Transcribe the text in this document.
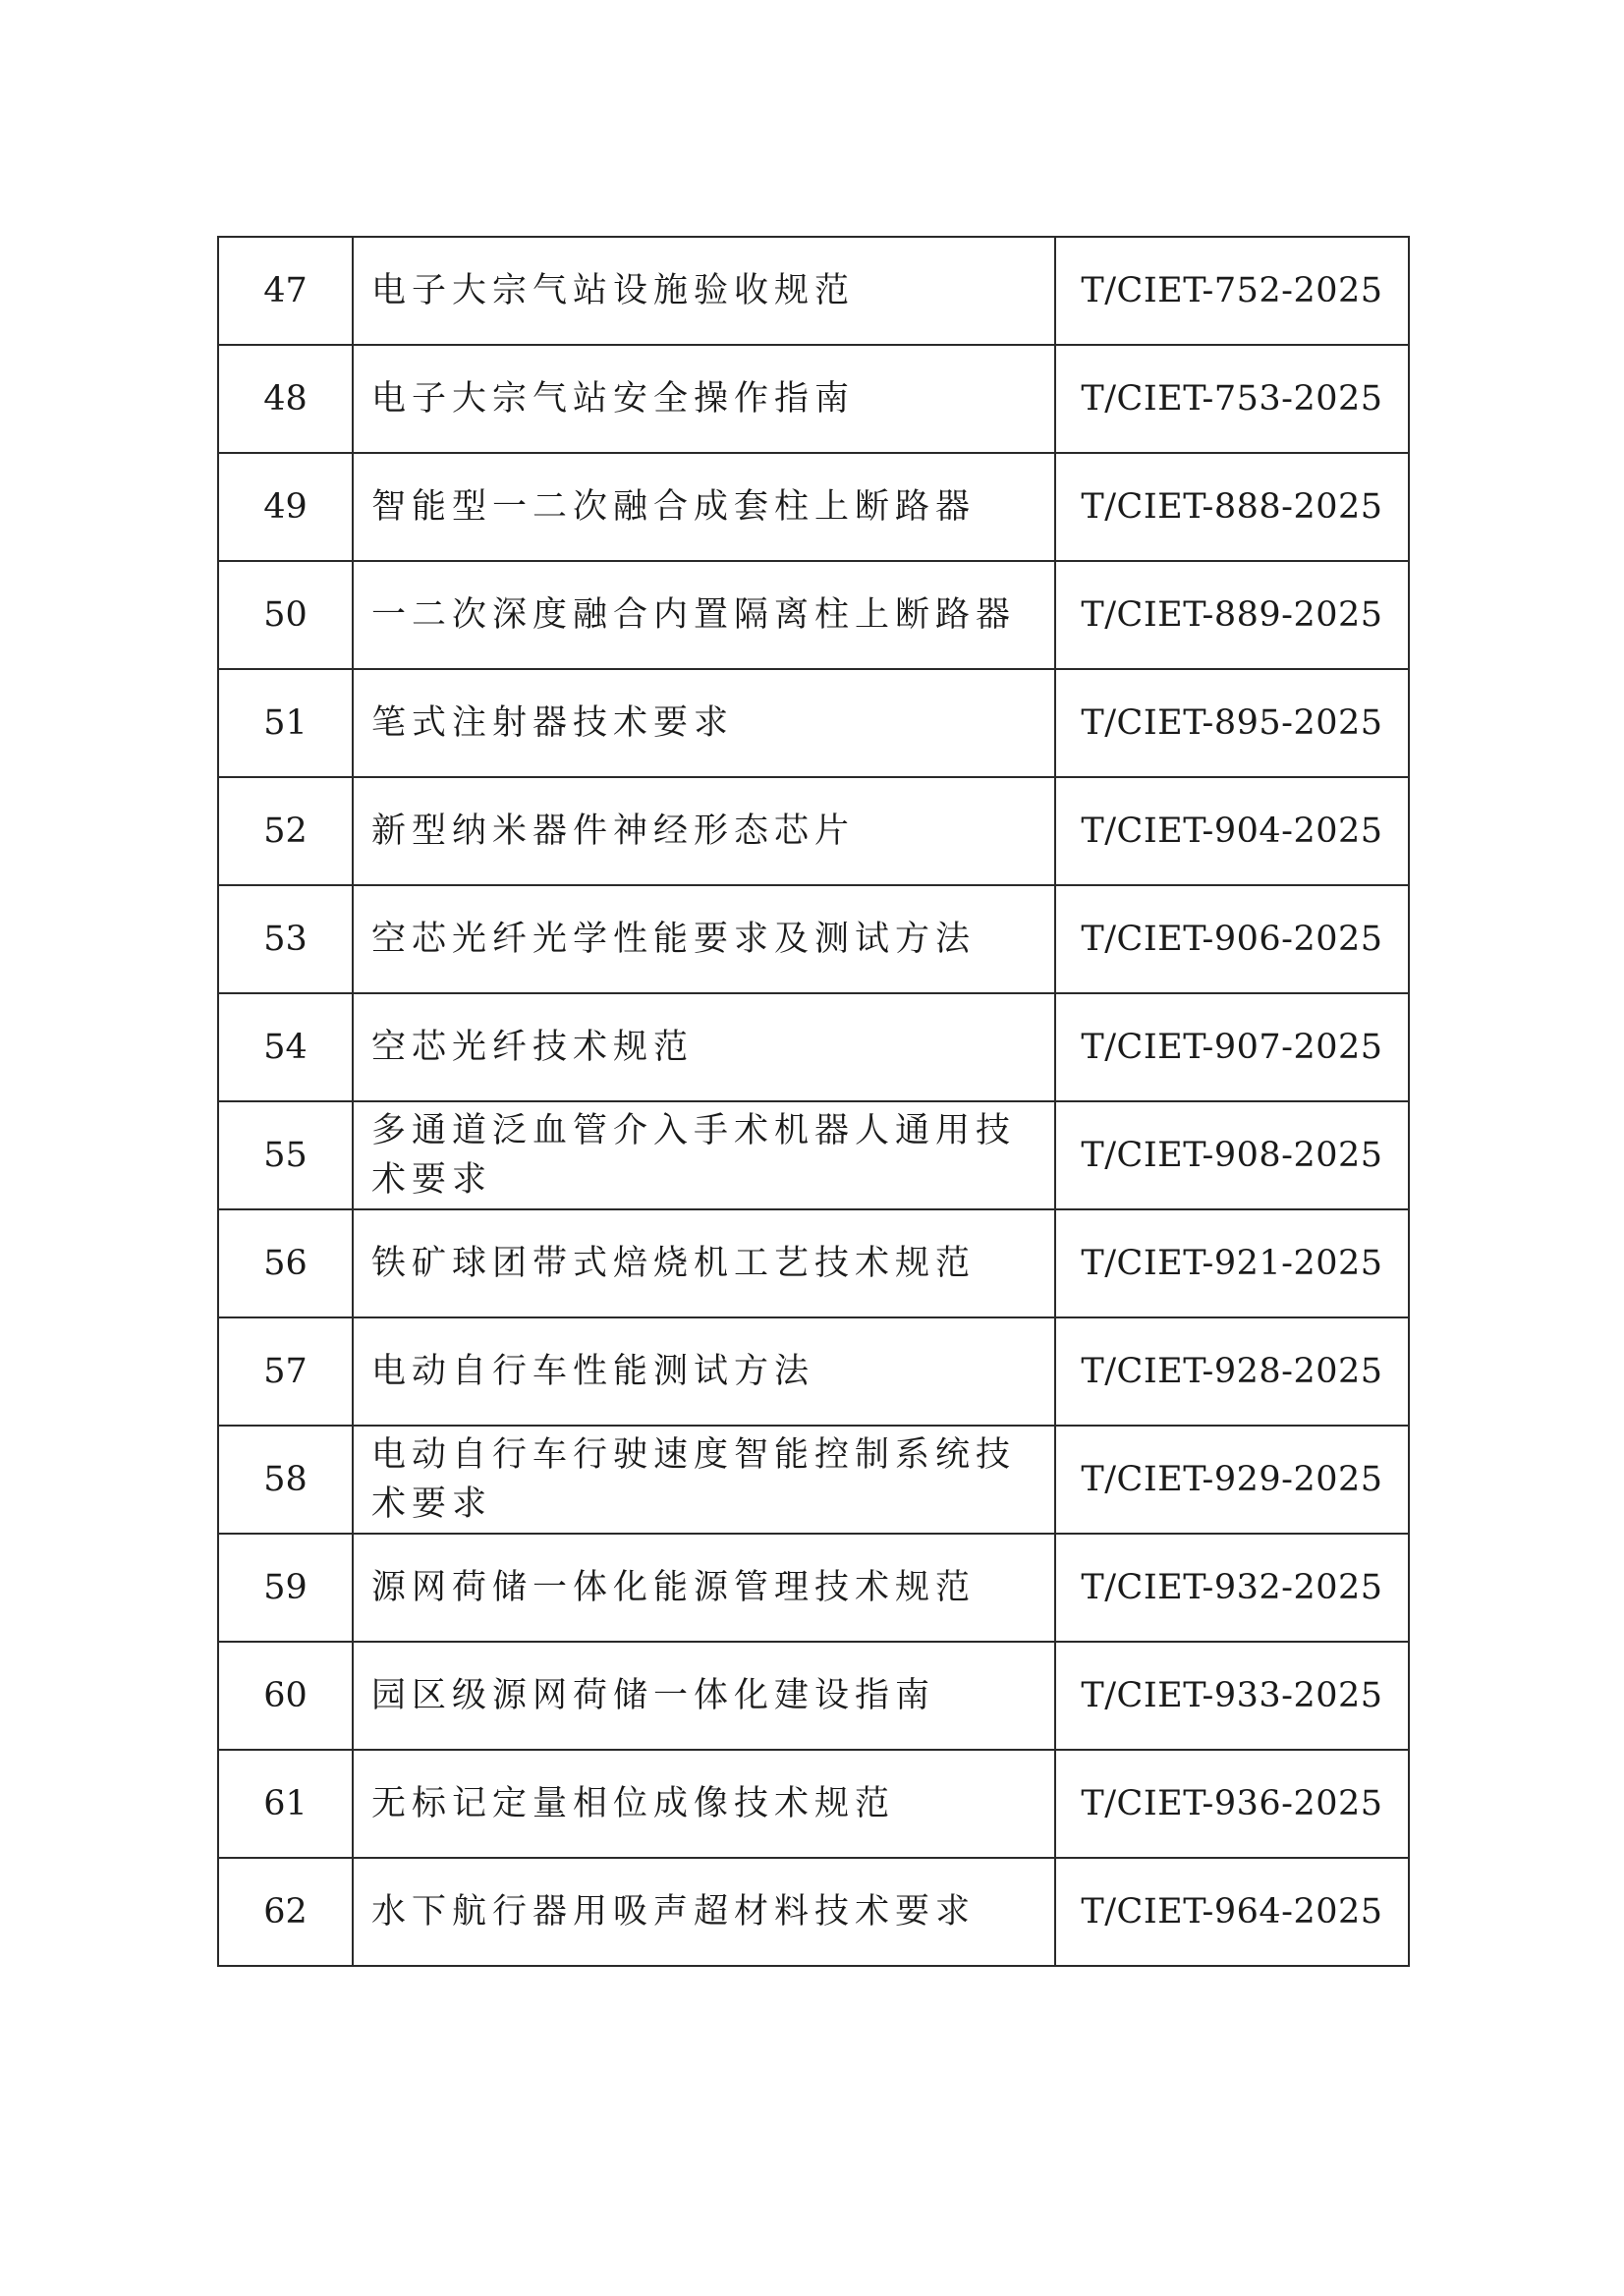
47	电子大宗气站设施验收规范	T/CIET-752-2025
48	电子大宗气站安全操作指南	T/CIET-753-2025
49	智能型一二次融合成套柱上断路器	T/CIET-888-2025
50	一二次深度融合内置隔离柱上断路器	T/CIET-889-2025
51	笔式注射器技术要求	T/CIET-895-2025
52	新型纳米器件神经形态芯片	T/CIET-904-2025
53	空芯光纤光学性能要求及测试方法	T/CIET-906-2025
54	空芯光纤技术规范	T/CIET-907-2025
55	多通道泛血管介入手术机器人通用技术要求	T/CIET-908-2025
56	铁矿球团带式焙烧机工艺技术规范	T/CIET-921-2025
57	电动自行车性能测试方法	T/CIET-928-2025
58	电动自行车行驶速度智能控制系统技术要求	T/CIET-929-2025
59	源网荷储一体化能源管理技术规范	T/CIET-932-2025
60	园区级源网荷储一体化建设指南	T/CIET-933-2025
61	无标记定量相位成像技术规范	T/CIET-936-2025
62	水下航行器用吸声超材料技术要求	T/CIET-964-2025
